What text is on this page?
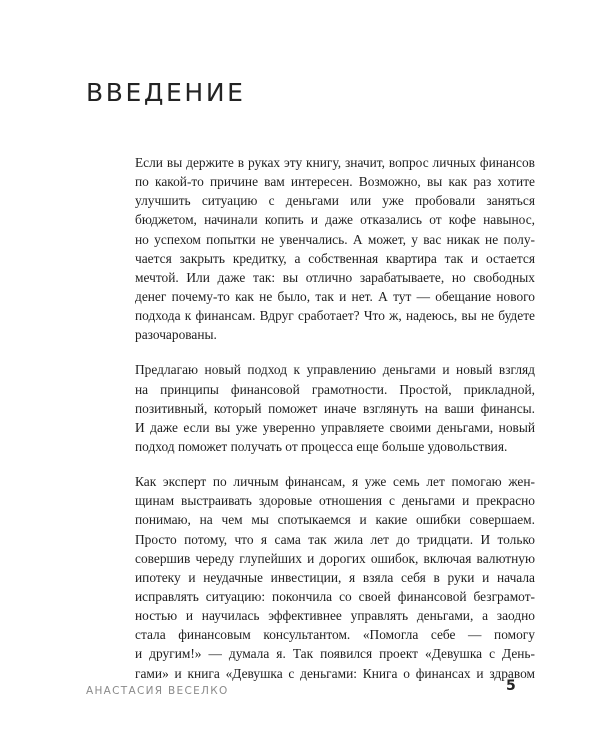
ВВЕДЕНИЕ

Если вы держите в руках эту книгу, значит, вопрос личных финансов
по какой-то причине вам интересен. Возможно, вы как раз хотите
улучшить ситуацию с деньгами или уже пробовали заняться
бюджетом, начинали копить и даже отказались от кофе навынос,
но успехом попытки не увенчались. А может, у вас никак не полу-
чается закрыть кредитку, а собственная квартира так и остается
мечтой. Или даже так: вы отлично зарабатываете, но свободных
денег почему-то как не было, так и нет. А тут — обещание нового
подхода к финансам. Вдруг сработает? Что ж, надеюсь, вы не будете
разочарованы.

Предлагаю новый подход к управлению деньгами и новый взгляд
на принципы финансовой грамотности. Простой, прикладной,
позитивный, который поможет иначе взглянуть на ваши финансы.
И даже если вы уже уверенно управляете своими деньгами, новый
подход поможет получать от процесса еще больше удовольствия.

Как эксперт по личным финансам, я уже семь лет помогаю жен-
щинам выстраивать здоровые отношения с деньгами и прекрасно
понимаю, на чем мы спотыкаемся и какие ошибки совершаем.
Просто потому, что я сама так жила лет до тридцати. И только
совершив череду глупейших и дорогих ошибок, включая валютную
ипотеку и неудачные инвестиции, я взяла себя в руки и начала
исправлять ситуацию: покончила со своей финансовой безграмот-
ностью и научилась эффективнее управлять деньгами, а заодно
стала финансовым консультантом. «Помогла себе — помогу
и другим!» — думала я. Так появился проект «Девушка с День-
гами» и книга «Девушка с деньгами: Книга о финансах и здравом

АНАСТАСИЯ ВЕСЕЛКО	5
